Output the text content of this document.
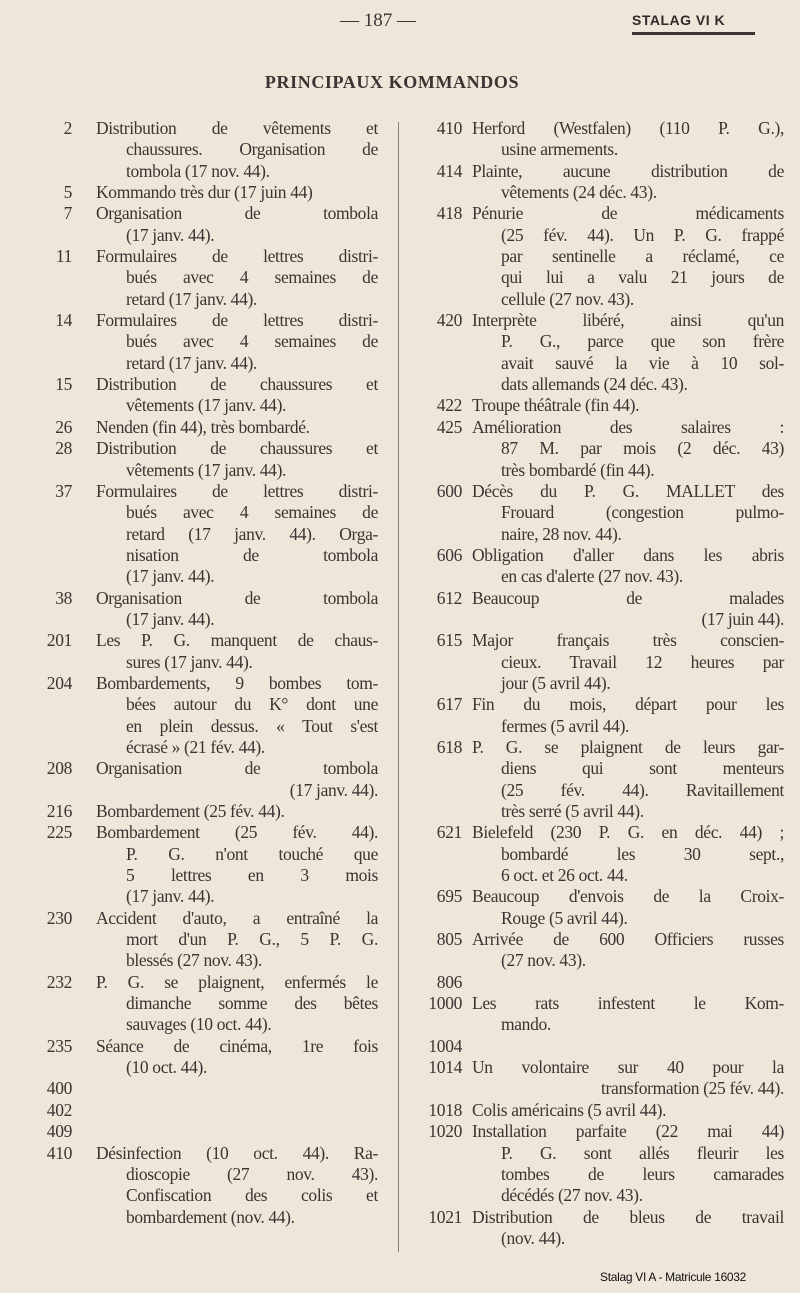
— 187 —	STALAG VI K
PRINCIPAUX KOMMANDOS
2 Distribution de vêtements et
chaussures. Organisation de
tombola (17 nov. 44).
5 Kommando très dur (17 juin 44)
7 Organisation de tombola
(17 janv. 44).
11 Formulaires de lettres distri-
bués avec 4 semaines de
retard (17 janv. 44).
14 Formulaires de lettres distri-
bués avec 4 semaines de
retard (17 janv. 44).
15 Distribution de chaussures et
vêtements (17 janv. 44).
26 Nenden (fin 44), très bombardé.
28 Distribution de chaussures et
vêtements (17 janv. 44).
37 Formulaires de lettres distri-
bués avec 4 semaines de
retard (17 janv. 44). Orga-
nisation de tombola
(17 janv. 44).
38 Organisation de tombola
(17 janv. 44).
201 Les P. G. manquent de chaus-
sures (17 janv. 44).
204 Bombardements, 9 bombes tom-
bées autour du K° dont une
en plein dessus. « Tout s'est
écrasé » (21 fév. 44).
208 Organisation de tombola
(17 janv. 44).
216 Bombardement (25 fév. 44).
225 Bombardement (25 fév. 44).
P. G. n'ont touché que
5 lettres en 3 mois
(17 janv. 44).
230 Accident d'auto, a entraîné la
mort d'un P. G., 5 P. G.
blessés (27 nov. 43).
232 P. G. se plaignent, enfermés le
dimanche somme des bêtes
sauvages (10 oct. 44).
235 Séance de cinéma, 1re fois
(10 oct. 44).
400

402

409

410 Désinfection (10 oct. 44). Ra-
dioscopie (27 nov. 43).
Confiscation des colis et
bombardement (nov. 44).
410 Herford (Westfalen) (110 P. G.),
usine armements.
414 Plainte, aucune distribution de
vêtements (24 déc. 43).
418 Pénurie de médicaments
(25 fév. 44). Un P. G. frappé
par sentinelle a réclamé, ce
qui lui a valu 21 jours de
cellule (27 nov. 43).
420 Interprète libéré, ainsi qu'un
P. G., parce que son frère
avait sauvé la vie à 10 sol-
dats allemands (24 déc. 43).
422 Troupe théâtrale (fin 44).
425 Amélioration des salaires :
87 M. par mois (2 déc. 43)
très bombardé (fin 44).
600 Décès du P. G. MALLET des
Frouard (congestion pulmo-
naire, 28 nov. 44).
606 Obligation d'aller dans les abris
en cas d'alerte (27 nov. 43).
612 Beaucoup de malades
(17 juin 44).
615 Major français très conscien-
cieux. Travail 12 heures par
jour (5 avril 44).
617 Fin du mois, départ pour les
fermes (5 avril 44).
618 P. G. se plaignent de leurs gar-
diens qui sont menteurs
(25 fév. 44). Ravitaillement
très serré (5 avril 44).
621 Bielefeld (230 P. G. en déc. 44) ;
bombardé les 30 sept.,
6 oct. et 26 oct. 44.
695 Beaucoup d'envois de la Croix-
Rouge (5 avril 44).
805 Arrivée de 600 Officiers russes
(27 nov. 43).
806

1000 Les rats infestent le Kom-
mando.
1004

1014 Un volontaire sur 40 pour la
transformation (25 fév. 44).
1018 Colis américains (5 avril 44).
1020 Installation parfaite (22 mai 44)
P. G. sont allés fleurir les
tombes de leurs camarades
décédés (27 nov. 43).
1021 Distribution de bleus de travail
(nov. 44).
Stalag VI A - Matricule 16032
